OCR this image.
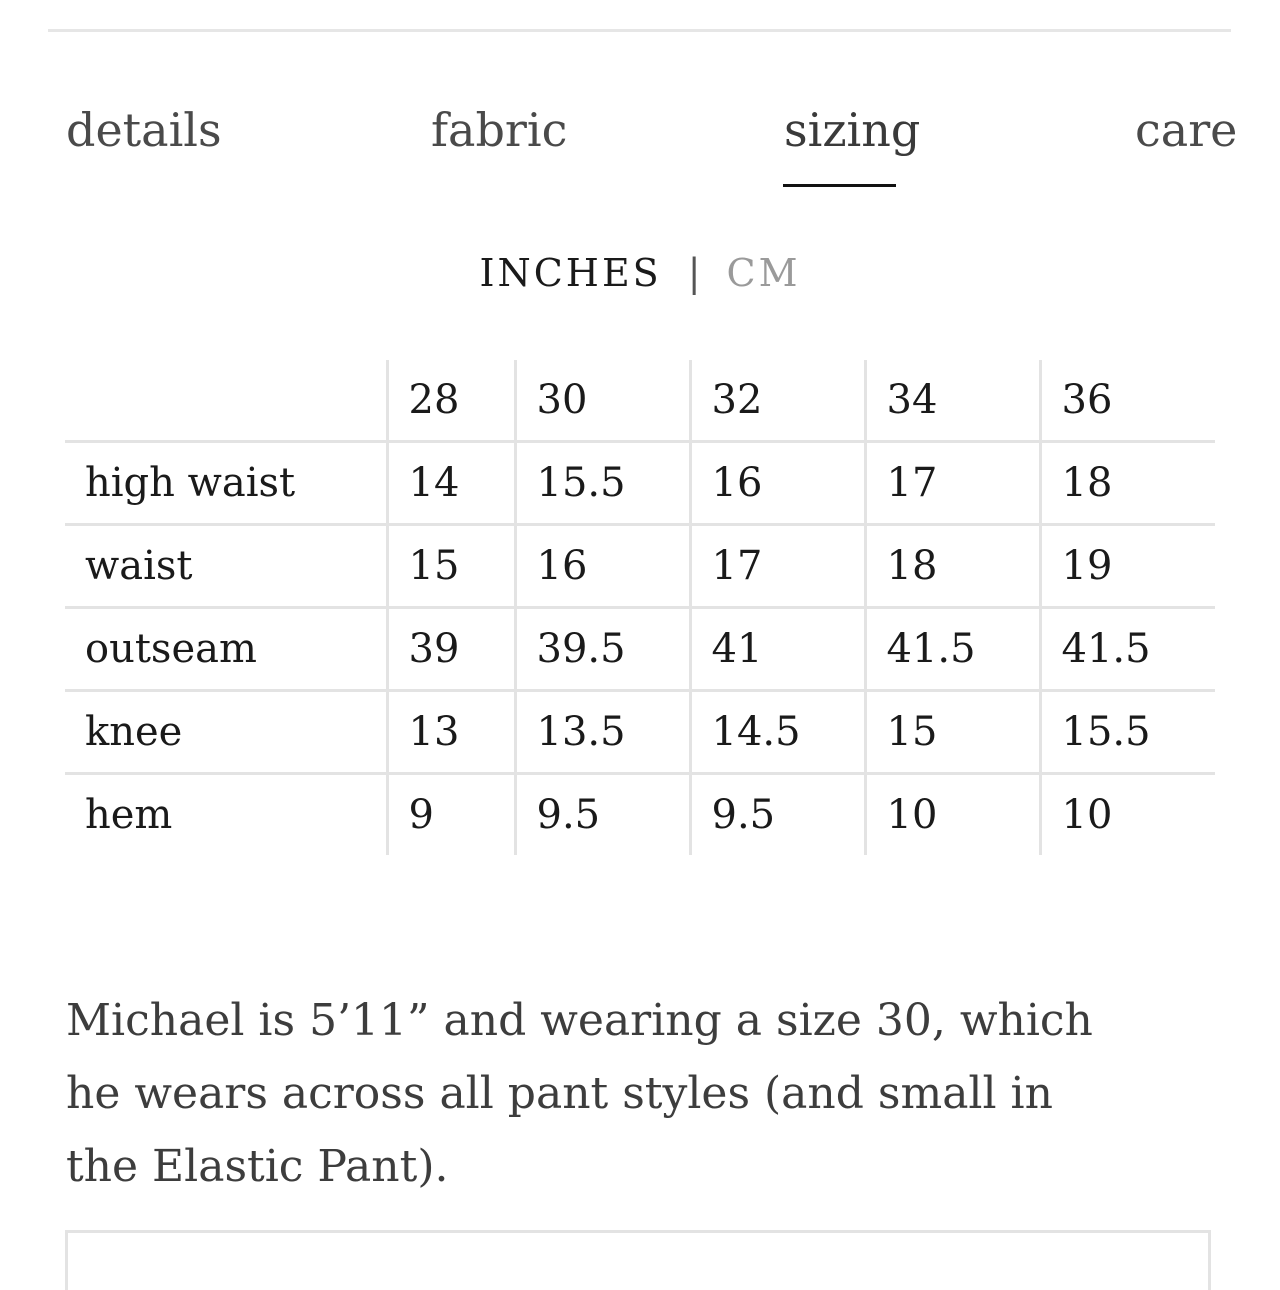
details	fabric	sizing	care
INCHES | CM
	28	30	32	34	36
high waist	14	15.5	16	17	18
waist	15	16	17	18	19
outseam	39	39.5	41	41.5	41.5
knee	13	13.5	14.5	15	15.5
hem	9	9.5	9.5	10	10

Michael is 5’11” and wearing a size 30, which he wears across all pant styles (and small in the Elastic Pant).
